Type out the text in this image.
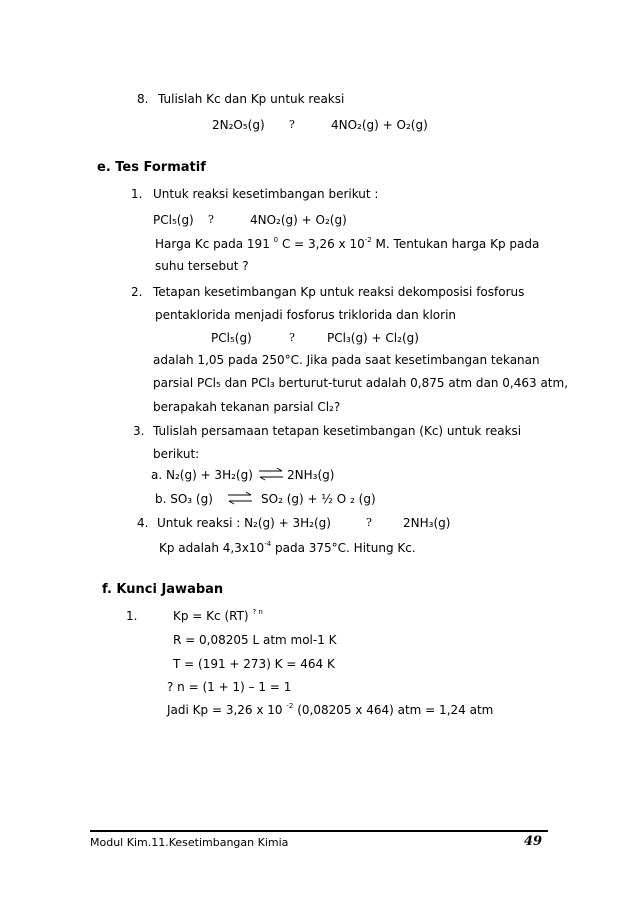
8. Tulislah Kc dan Kp untuk reaksi
2N₂O₅(g) ?	4NO₂(g) + O₂(g)
e. Tes Formatif
1. Untuk reaksi kesetimbangan berikut :
PCl₅(g) ?	4NO₂(g) + O₂(g)
Harga Kc pada 191 $^0$ C = 3,26 x $10^{-2}$ M. Tentukan harga Kp pada
suhu tersebut ?
2. Tetapan kesetimbangan Kp untuk reaksi dekomposisi fosforus
pentaklorida menjadi fosforus triklorida dan klorin
PCl₅(g)	?	PCl₃(g) + Cl₂(g)
adalah 1,05 pada 250°C. Jika pada saat kesetimbangan tekanan
parsial PCl₅ dan PCl₃ berturut-turut adalah 0,875 atm dan 0,463 atm,
berapakah tekanan parsial Cl₂?
3. Tulislah persamaan tetapan kesetimbangan (Kc) untuk reaksi
berikut:
a. N₂(g) + 3H₂(g) ⇌ 2NH₃(g)
b. SO₃ (g) ⇌ SO₂ (g) + ½ O ₂ (g)
4. Untuk reaksi : N₂(g) + 3H₂(g)	?	2NH₃(g)
Kp adalah $4,3x10^{-4}$ pada 375°C. Hitung Kc.
f. Kunci Jawaban
1.	Kp = Kc (RT) $^{? n}$
R = 0,08205 L atm mol-1 K
T = (191 + 273) K = 464 K
? n = (1 + 1) – 1 = 1
Jadi Kp = 3,26 x 10 $^{-2}$ (0,08205 x 464) atm = 1,24 atm
Modul Kim.11.Kesetimbangan Kimia	49
